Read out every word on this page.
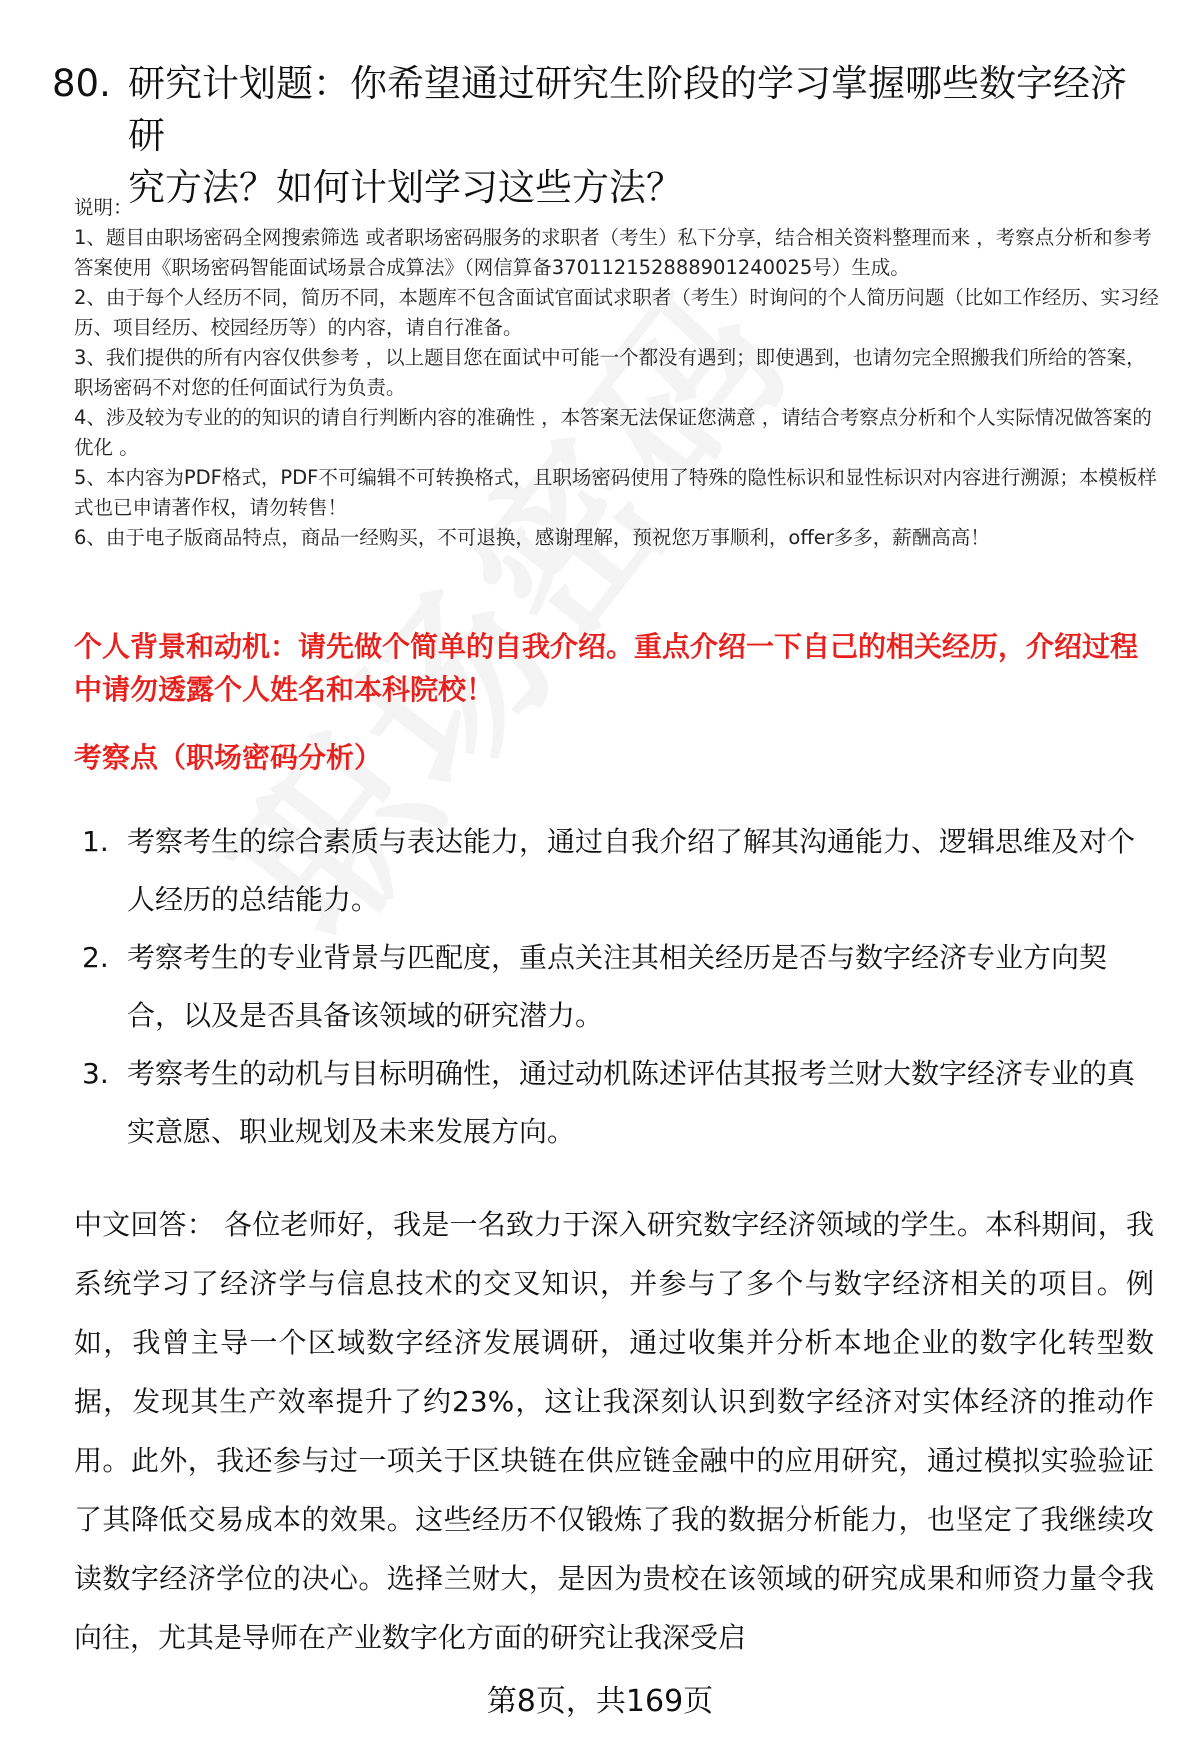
80. 研究计划题：你希望通过研究生阶段的学习掌握哪些数字经济研
究方法？如何计划学习这些方法？
说明：
1、题目由职场密码全网搜索筛选 或者职场密码服务的求职者（考生）私下分享，结合相关资料整理而来 ，考察点分析和参考答案使用《职场密码智能面试场景合成算法》（网信算备370112152888901240025号）生成。
2、由于每个人经历不同，简历不同，本题库不包含面试官面试求职者（考生）时询问的个人简历问题（比如工作经历、实习经历、项目经历、校园经历等）的内容，请自行准备。
3、我们提供的所有内容仅供参考 ，以上题目您在面试中可能一个都没有遇到；即使遇到，也请勿完全照搬我们所给的答案，职场密码不对您的任何面试行为负责。
4、涉及较为专业的的知识的请自行判断内容的准确性 ，本答案无法保证您满意 ，请结合考察点分析和个人实际情况做答案的优化 。
5、本内容为PDF格式，PDF不可编辑不可转换格式，且职场密码使用了特殊的隐性标识和显性标识对内容进行溯源；本模板样式也已申请著作权，请勿转售！
6、由于电子版商品特点，商品一经购买，不可退换，感谢理解，预祝您万事顺利，offer多多，薪酬高高！
个人背景和动机：请先做个简单的自我介绍。重点介绍一下自己的相关经历，介绍过程中请勿透露个人姓名和本科院校！
考察点（职场密码分析）
1. 考察考生的综合素质与表达能力，通过自我介绍了解其沟通能力、逻辑思维及对个人经历的总结能力。
2. 考察考生的专业背景与匹配度，重点关注其相关经历是否与数字经济专业方向契合，以及是否具备该领域的研究潜力。
3. 考察考生的动机与目标明确性，通过动机陈述评估其报考兰财大数字经济专业的真实意愿、职业规划及未来发展方向。
中文回答： 各位老师好，我是一名致力于深入研究数字经济领域的学生。本科期间，我系统学习了经济学与信息技术的交叉知识，并参与了多个与数字经济相关的项目。例如，我曾主导一个区域数字经济发展调研，通过收集并分析本地企业的数字化转型数据，发现其生产效率提升了约23%，这让我深刻认识到数字经济对实体经济的推动作用。此外，我还参与过一项关于区块链在供应链金融中的应用研究，通过模拟实验验证了其降低交易成本的效果。这些经历不仅锻炼了我的数据分析能力，也坚定了我继续攻读数字经济学位的决心。选择兰财大，是因为贵校在该领域的研究成果和师资力量令我向往，尤其是导师在产业数字化方面的研究让我深受启
第8页，共169页
